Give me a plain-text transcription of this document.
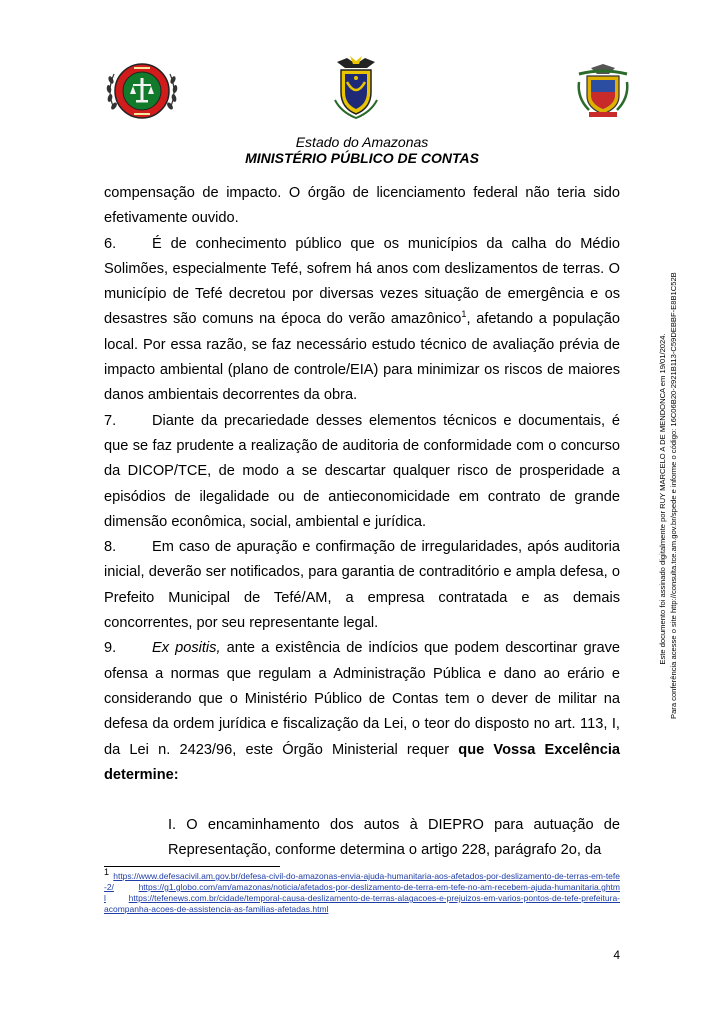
Estado do Amazonas
MINISTÉRIO PÚBLICO DE CONTAS

compensação de impacto. O órgão de licenciamento federal não teria sido efetivamente ouvido.

6. É de conhecimento público que os municípios da calha do Médio Solimões, especialmente Tefé, sofrem há anos com deslizamentos de terras. O município de Tefé decretou por diversas vezes situação de emergência e os desastres são comuns na época do verão amazônico$^1$, afetando a população local. Por essa razão, se faz necessário estudo técnico de avaliação prévia de impacto ambiental (plano de controle/EIA) para minimizar os riscos de maiores danos ambientais decorrentes da obra.

7. Diante da precariedade desses elementos técnicos e documentais, é que se faz prudente a realização de auditoria de conformidade com o concurso da DICOP/TCE, de modo a se descartar qualquer risco de prosperidade a episódios de ilegalidade ou de antieconomicidade em contrato de grande dimensão econômica, social, ambiental e jurídica.

8. Em caso de apuração e confirmação de irregularidades, após auditoria inicial, deverão ser notificados, para garantia de contraditório e ampla defesa, o Prefeito Municipal de Tefé/AM, a empresa contratada e as demais concorrentes, por seu representante legal.

9. Ex positis, ante a existência de indícios que podem descortinar grave ofensa a normas que regulam a Administração Pública e dano ao erário e considerando que o Ministério Público de Contas tem o dever de militar na defesa da ordem jurídica e fiscalização da Lei, o teor do disposto no art. 113, I, da Lei n. 2423/96, este Órgão Ministerial requer que Vossa Excelência determine:

I. O encaminhamento dos autos à DIEPRO para autuação de Representação, conforme determina o artigo 228, parágrafo 2o, da

$^1$ https://www.defesacivil.am.gov.br/defesa-civil-do-amazonas-envia-ajuda-humanitaria-aos-afetados-por-deslizamento-de-terras-em-tefe-2/	https://g1.globo.com/am/amazonas/noticia/afetados-por-deslizamento-de-terra-em-tefe-no-am-recebem-ajuda-humanitaria.ghtml	https://tefenews.com.br/cidade/temporal-causa-deslizamento-de-terras-alagacoes-e-prejuizos-em-varios-pontos-de-tefe-prefeitura-acompanha-acoes-de-assistencia-as-familias-afetadas.html
4
Este documento foi assinado digitalmente por RUY MARCELO A DE MENDONCA em 19/01/2024. Para conferência acesse o site http://consulta.tce.am.gov.br/spede e informe o código: 16C06B20-2921B113-C59DEBBF-E8B1C52B
